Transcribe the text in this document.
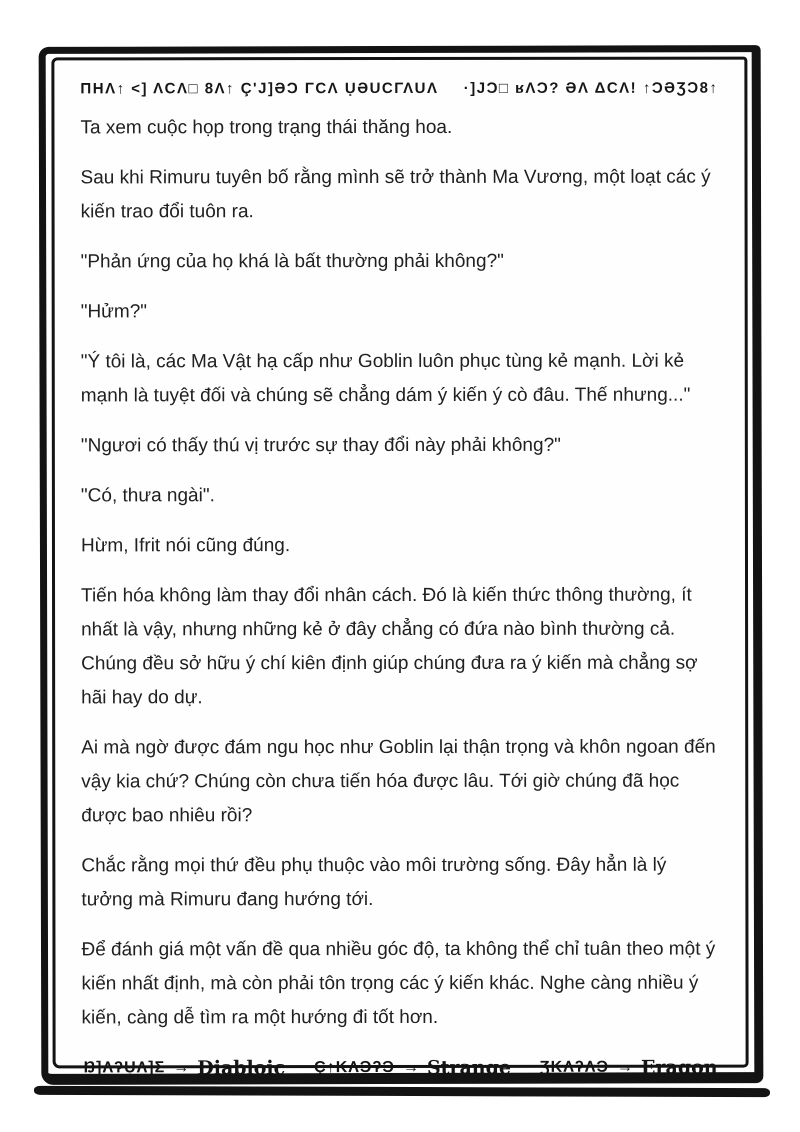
ΠΗΛ↑ <] ΛCΛ□ 8Λ↑ Ç'J]ƏƆ ΓCΛ ỤƏUCΓΛUΛ ·]JƆ□ ʁΛƆ? ƏΛ ΔCΛ! ↑ƆƏƷƆ8↑

Ta xem cuộc họp trong trạng thái thăng hoa.

Sau khi Rimuru tuyên bố rằng mình sẽ trở thành Ma Vương, một loạt các ý kiến trao đổi tuôn ra.

"Phản ứng của họ khá là bất thường phải không?"

"Hửm?"

"Ý tôi là, các Ma Vật hạ cấp như Goblin luôn phục tùng kẻ mạnh. Lời kẻ mạnh là tuyệt đối và chúng sẽ chẳng dám ý kiến ý cò đâu. Thế nhưng..."

"Ngươi có thấy thú vị trước sự thay đổi này phải không?"

"Có, thưa ngài".

Hừm, Ifrit nói cũng đúng.

Tiến hóa không làm thay đổi nhân cách. Đó là kiến thức thông thường, ít nhất là vậy, nhưng những kẻ ở đây chẳng có đứa nào bình thường cả. Chúng đều sở hữu ý chí kiên định giúp chúng đưa ra ý kiến mà chẳng sợ hãi hay do dự.

Ai mà ngờ được đám ngu học như Goblin lại thận trọng và khôn ngoan đến vậy kia chứ? Chúng còn chưa tiến hóa được lâu. Tới giờ chúng đã học được bao nhiêu rồi?

Chắc rằng mọi thứ đều phụ thuộc vào môi trường sống. Đây hẳn là lý tưởng mà Rimuru đang hướng tới.

Để đánh giá một vấn đề qua nhiều góc độ, ta không thể chỉ tuân theo một ý kiến nhất định, mà còn phải tôn trọng các ý kiến khác. Nghe càng nhiều ý kiến, càng dễ tìm ra một hướng đi tốt hơn.

Ŋ]ΛʔỤΛ]Ʃ → Diabloic Ç↑KΛƆʔƆ → Strange ƷKΛʔΛƆ → Eragon
